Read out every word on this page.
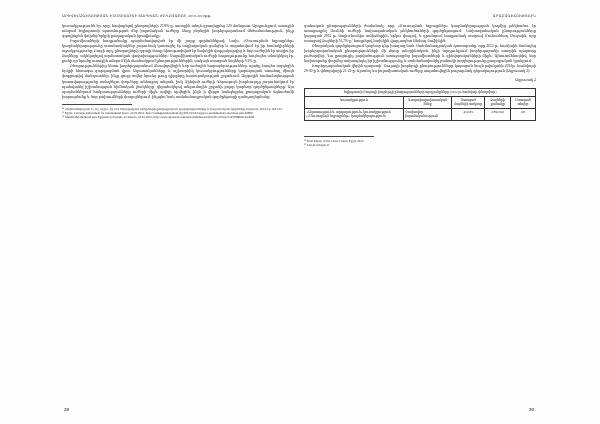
ԱՐԵՎԵԼԱԳԻՏՈՒԹՅԱՆ ԻՆՍՏԻՏՈՒՏԻ ՏԱՐԵԿԱՆ ԺՈՂՈՎԱԾՈՒ, 2018-2019թթ.

կուսակցությունն էր, որը, հավաքելով ընտրողների 27,8%-ը, առաջին տեղն զբաղեցրեց 120 մանդատ: Արդյունքում, առաջին անգամ Եգիպտոսի պատմության մեջ իսլամական ուժերը ձեռք բերեցին խորհրդարանում մեծամասնություն, ինչը զգալիորեն փոխեց երկրի քաղաքական իրավիճակը:

Իսլամիստների հաղթանակը պայմանավորված էր մի շարք գործոններով: Նախ, «Մուսուլման եղբայրներ» կազմակերպությունը տասնամյակներ շարունակ կառուցել էր սոցիալական ցանցեր և ապահովում էր իր համակիրների աջակցությունը: Բացի այդ, ընտրողների զգալի մասը հիասթափված էր նախկին վարչակարգից և նոր ուժերին էր տալիս իր ձայները՝ ակնկալելով արմատական փոփոխություններ: Սալաֆիստական ուժերի հաջողությունը նույնպես անակնկալ էր, քանի որ նրանք առաջին անգամ էին մասնակցում ընտրություններին, սակայն ստացան ձայների 9,2%-ը.

Ընտրություններից հետո խորհրդարանում ձևավորվեցին նոր ուժային հարաբերություններ, որոնք էապես ազդեցին երկրի հետագա զարգացման վրա: Ազատականները և աշխարհիկ կուսակցությունները կարողացան ստանալ միայն փոքրաթիվ մանդատներ, ինչը ցույց տվեց նրանց թույլ դիրքերը հասարակության շրջանում: Ազգային համաձայնության կառավարությունը ստեղծելու փորձերը անհաջող անցան, իսկ Զինված ուժերի Գերագույն խորհուրդը շարունակում էր պահպանել իշխանության հիմնական լծակները՝ վերահսկելով անցումային շրջանի բոլոր կարևոր գործընթացները: Այս պայմաններում հակասությունները ուժերի միջև ավելի սրվեցին, ինչն ի վերջո հանգեցրեց քաղաքական ճգնաժամի խորացմանը և նոր բախումների փողոցներում, ինչպես նաև սահմանադրական գործընթացի դանդաղեցմանը:

¹⁸ Հովհաննիսյան Ն., նշ. աշխ., էջ 214: Արաբական երկրների քաղաքական զարգացումները և իսլամական գործոնը, Երևան, 2014, էջ 118-122:

¹⁹ Egypt: Carnegie endowment for international peace, 22.01.2012, http://carnegieendowment.org/2012/01/22/egypt-s-parliamentary-elections-pub-46800

²⁰ Muslim Brotherhood tops Egyptian poll result, Al Jazeera, 22.01.2012, http://www.aljazeera.com/news/middleeast/2012/01/2012121125958602164.html

28
ԱՐԱԲԱԳԻՏՈՒԹՅՈՒՆ

զանազան ընտրությունների ժամանակ, որը «Մուսուլման եղբայրներ» կազմակերպության կողմից թեկնածու էր առաջադրել Սուննի ուժերի նախագահական թեկնածուների գործընթացում: Նախագահական ընտրությունները կայացան 2012 թ. մայիս-հունիս ամիսներին, երկու փուլով, և դրանցում հաղթանակ տարավ Մուհամմադ Մուրսին, որը ստացավ ձայների 51,7%-ը՝ հաղթելով նախկին վարչապետ Ահմադ Շաֆիկին:

Ընտրական գործընթացում կարևոր դեր խաղաց նաև Սահմանադրական դատարանը, որը 2012 թ. հունիսին ճանաչեց խորհրդարանական ընտրությունների մի մասը անօրինական, ինչի արդյունքում խորհրդարանի ստորին պալատը լուծարվեց: Դա լրացուցիչ լարվածություն առաջացրեց իսլամիստների և զինվորականների միջև: Այնուամենայնիվ, նոր նախագահը փորձեց ամրապնդել իր իշխանությունը և սահմանափակել բանակի ազդեցությունը քաղաքական կյանքում:

Խորհրդարանական վերին պալատի՝ Շուրայի խորհրդի ընտրությունները կայացան նույն թվականի 2012թ. հունվարի 29-30-ը և փետրվարի 21-22-ը: Այստեղ ևս իսլամիստական ուժերը ապահովեցին բացարձակ գերակայություն (Աղյուսակ 2):

Աղյուսակ 2
Եգիպտոսի Շուրայի խորհրդի ընտրությունների արդյունքները (2012 թ. հունվար-փետրվար)				
Կուսակցություն	Գաղափարախոսական հենք	Ստացած ձայների տոկոսը	Ձայների քանակը	Ստացած տեղեր
«Ազատություն և արդարություն» կուսակցություն («Մուսուլման եղբայրներ» կազմակերպություն)	Չափավոր իսլամականություն	45.04%	2 894 922	105

²¹ Final Report of the Carter Center, Egypt 2012.

²² Նույն տեղում:

29
